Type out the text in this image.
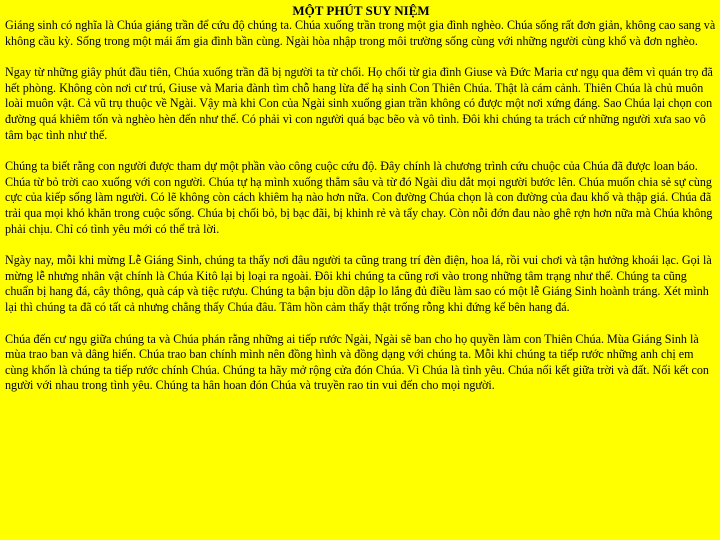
MỘT PHÚT SUY NIỆM

Giáng sinh có nghĩa là Chúa giáng trần để cứu độ chúng ta. Chúa xuống trần trong một gia đình nghèo. Chúa sống rất đơn giản, không cao sang và không cầu kỳ. Sống trong một mái ấm gia đình bần cùng. Ngài hòa nhập trong môi trường sống cùng với những người cùng khổ và đơn nghèo.

Ngay từ những giây phút đầu tiên, Chúa xuống trần đã bị người ta từ chối. Họ chối từ gia đình Giuse và Đức Maria cư ngụ qua đêm vì quán trọ đã hết phòng. Không còn nơi cư trú, Giuse và Maria đành tìm chỗ hang lừa để hạ sinh Con Thiên Chúa. Thật là cám cảnh. Thiên Chúa là chủ muôn loài muôn vật. Cả vũ trụ thuộc về Ngài. Vậy mà khi Con của Ngài sinh xuống gian trần không có được một nơi xứng đáng. Sao Chúa lại chọn con đường quá khiêm tốn và nghèo hèn đến như thế. Có phải vì con người quá bạc bẽo và vô tình. Đôi khi chúng ta trách cứ những người xưa sao vô tâm bạc tình như thế.

Chúng ta biết rằng con người được tham dự một phần vào công cuộc cứu độ. Đây chính là chương trình cứu chuộc của Chúa đã được loan báo. Chúa từ bỏ trời cao xuống với con người. Chúa tự hạ mình xuống thẳm sâu và từ đó Ngài dìu dắt mọi người bước lên. Chúa muốn chia sẻ sự cùng cực của kiếp sống làm người. Có lẽ không còn cách khiêm hạ nào hơn nữa. Con đường Chúa chọn là con đường của đau khổ và thập giá. Chúa đã trải qua mọi khó khăn trong cuộc sống. Chúa bị chối bỏ, bị bạc đãi, bị khinh rẻ và tẩy chay. Còn nỗi đớn đau nào ghê rợn hơn nữa mà Chúa không phải chịu. Chỉ có tình yêu mới có thể trả lời.

Ngày nay, mỗi khi mừng Lễ Giáng Sinh, chúng ta thấy nơi đâu người ta cũng trang trí đèn điện, hoa lá, rồi vui chơi và tận hưởng khoái lạc. Gọi là mừng lễ nhưng nhân vật chính là Chúa Kitô lại bị loại ra ngoài. Đôi khi chúng ta cũng rơi vào trong những tâm trạng như thế. Chúng ta cũng chuẩn bị hang đá, cây thông, quà cáp và tiệc rượu. Chúng ta bận bịu dồn dập lo lắng đủ điều làm sao có một lễ Giáng Sinh hoành tráng. Xét mình lại thì chúng ta đã có tất cả nhưng chẳng thấy Chúa đâu. Tâm hồn cảm thấy thật trống rỗng khi đứng kế bên hang đá.

Chúa đến cư ngụ giữa chúng ta và Chúa phán rằng những ai tiếp rước Ngài, Ngài sẽ ban cho họ quyền làm con Thiên Chúa. Mùa Giáng Sinh là mùa trao ban và dâng hiến. Chúa trao ban chính mình nên đồng hình và đồng dạng với chúng ta. Mỗi khi chúng ta tiếp rước những anh chị em cùng khốn là chúng ta tiếp rước chính Chúa. Chúng ta hãy mở rộng cửa đón Chúa. Vì Chúa là tình yêu. Chúa nối kết giữa trời và đất. Nối kết con người với nhau trong tình yêu. Chúng ta hân hoan đón Chúa và truyền rao tin vui đến cho mọi người.
